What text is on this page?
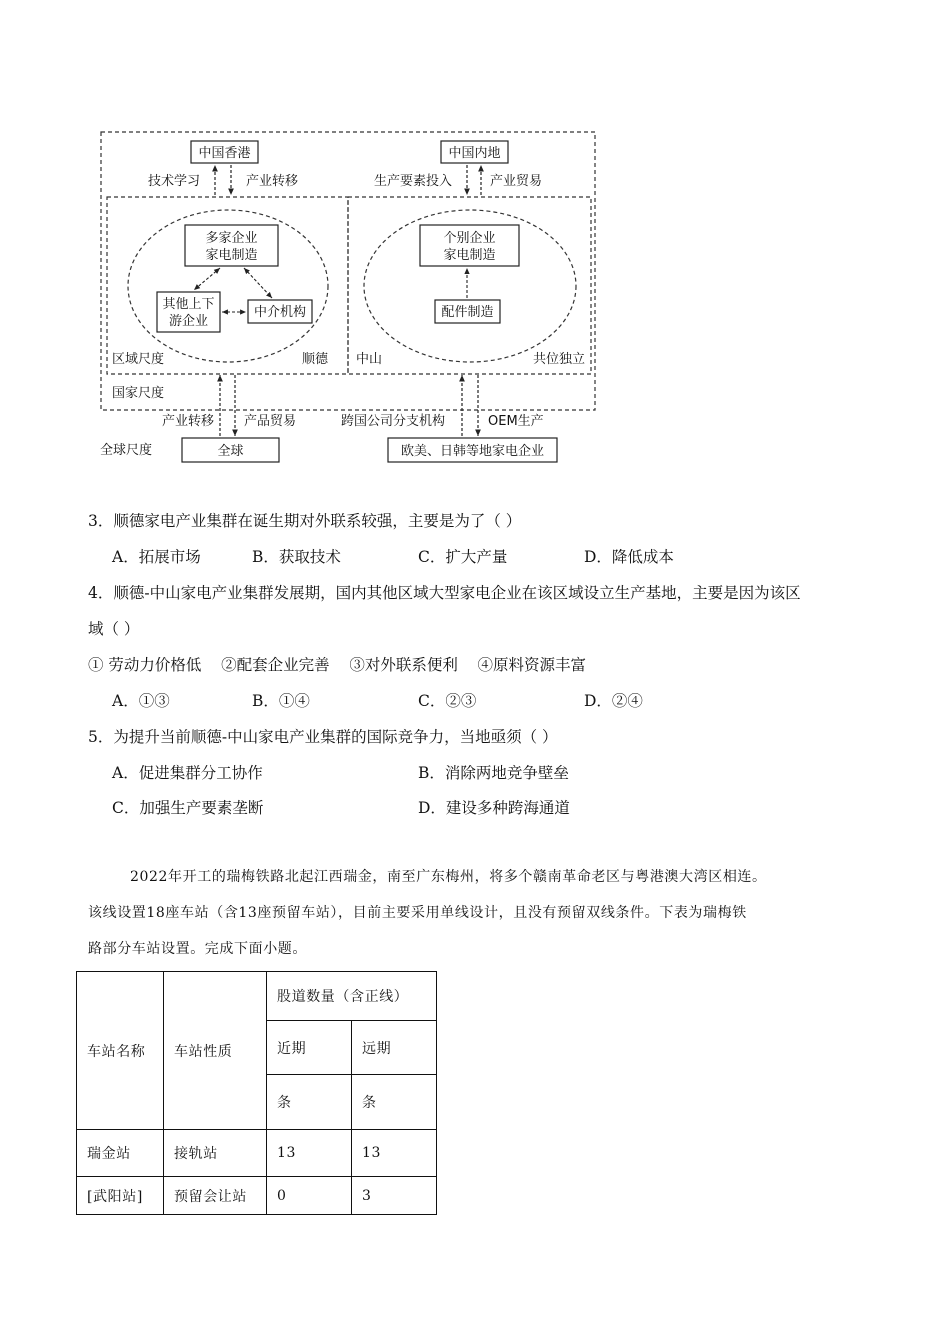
中国香港	中国内地
技术学习	产业转移	生产要素投入	产业贸易
多家企业
家电制造
其他上下
游企业
中介机构
个别企业
家电制造
配件制造
区域尺度	顺德 中山	共位独立
国家尺度
产业转移 产品贸易	跨国公司分支机构	OEM生产
全球尺度	全球	欧美、日韩等地家电企业
3．顺德家电产业集群在诞生期对外联系较强，主要是为了（ ）
A．拓展市场	B．获取技术	C．扩大产量	D．降低成本
4．顺德-中山家电产业集群发展期，国内其他区域大型家电企业在该区域设立生产基地，主要是因为该区
域（ ）
① 劳动力价格低    ②配套企业完善    ③对外联系便利    ④原料资源丰富
A．①③	B．①④	C．②③	D．②④
5．为提升当前顺德-中山家电产业集群的国际竞争力，当地亟须（ ）
A．促进集群分工协作	B．消除两地竞争壁垒
C．加强生产要素垄断	D．建设多种跨海通道

2022年开工的瑞梅铁路北起江西瑞金，南至广东梅州，将多个赣南革命老区与粤港澳大湾区相连。

该线设置18座车站（含13座预留车站），目前主要采用单线设计，且没有预留双线条件。下表为瑞梅铁

路部分车站设置。完成下面小题。

车站名称	车站性质	股道数量（含正线）	
		近期	远期
		条	条
瑞金站	接轨站	13	13
[武阳站]	预留会让站	0	3
